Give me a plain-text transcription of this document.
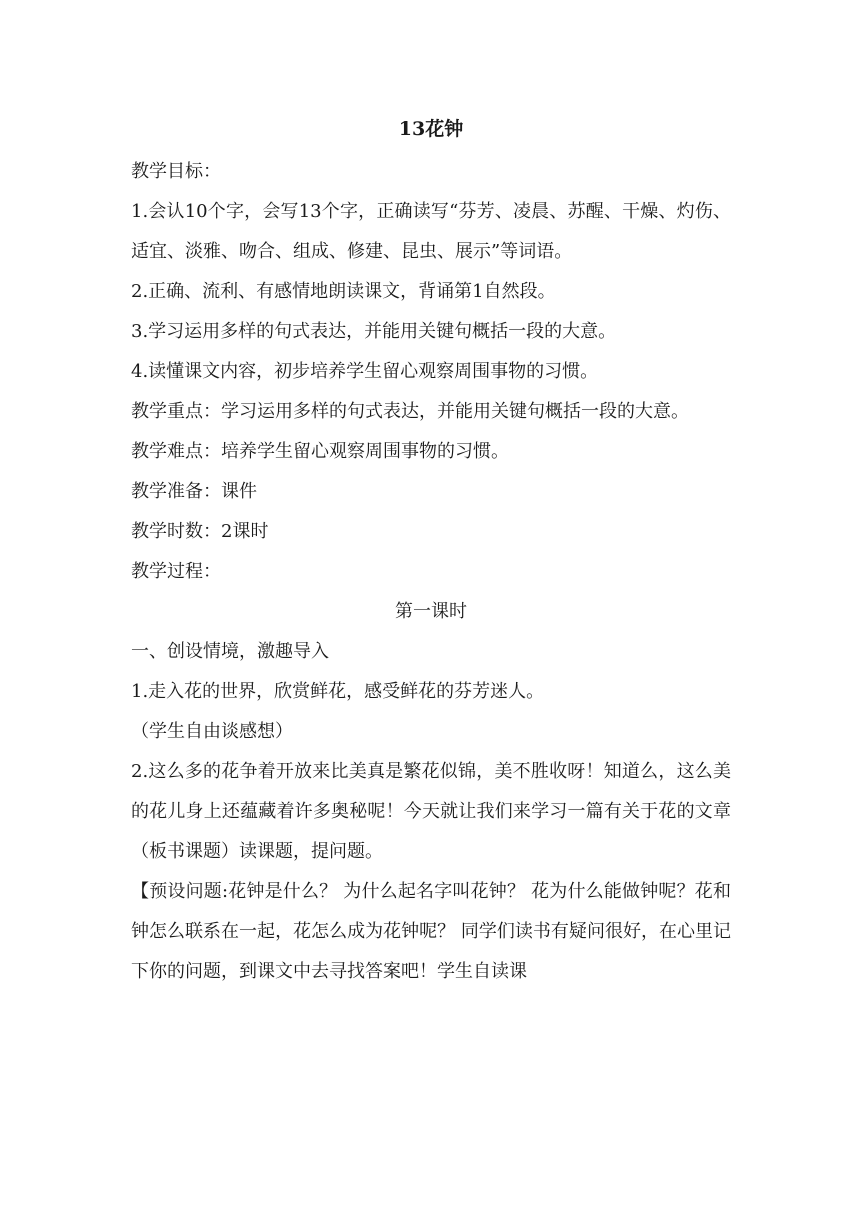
13花钟
教学目标：
1.会认10个字，会写13个字，正确读写“芬芳、凌晨、苏醒、干燥、灼伤、适宜、淡雅、吻合、组成、修建、昆虫、展示”等词语。
2.正确、流利、有感情地朗读课文，背诵第1自然段。
3.学习运用多样的句式表达，并能用关键句概括一段的大意。
4.读懂课文内容，初步培养学生留心观察周围事物的习惯。
教学重点：学习运用多样的句式表达，并能用关键句概括一段的大意。
教学难点：培养学生留心观察周围事物的习惯。
教学准备：课件
教学时数：2课时
教学过程：
第一课时
一、创设情境，激趣导入
1.走入花的世界，欣赏鲜花，感受鲜花的芬芳迷人。
（学生自由谈感想）
2.这么多的花争着开放来比美真是繁花似锦，美不胜收呀！知道么，这么美的花儿身上还蕴藏着许多奥秘呢！今天就让我们来学习一篇有关于花的文章（板书课题）读课题，提问题。
【预设问题:花钟是什么？ 为什么起名字叫花钟？ 花为什么能做钟呢？花和钟怎么联系在一起，花怎么成为花钟呢？ 同学们读书有疑问很好，在心里记下你的问题，到课文中去寻找答案吧！学生自读课
